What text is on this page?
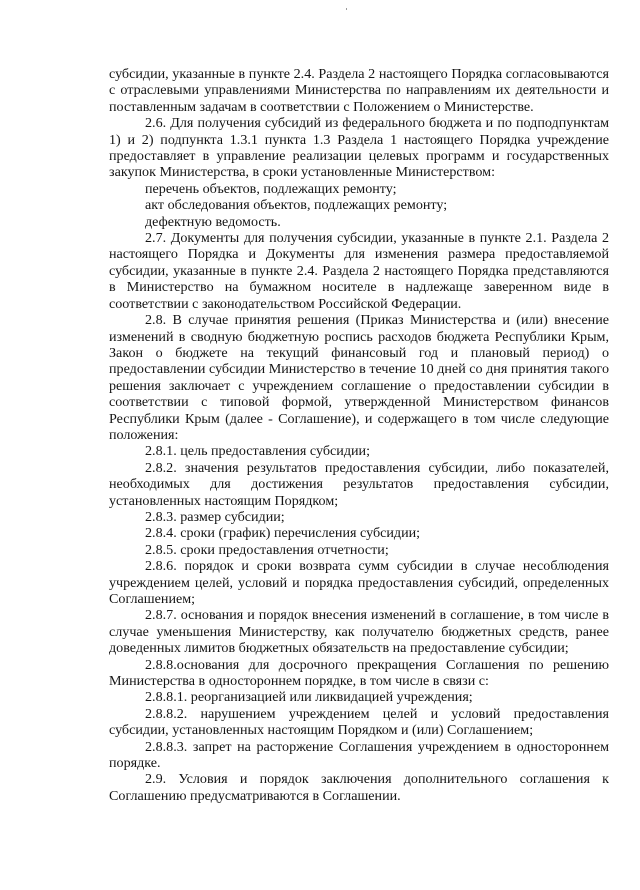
субсидии, указанные в пункте 2.4. Раздела 2 настоящего Порядка согласовываются с отраслевыми управлениями Министерства по направлениям их деятельности и поставленным задачам в соответствии с Положением о Министерстве.

2.6. Для получения субсидий из федерального бюджета и по подподпунктам 1) и 2) подпункта 1.3.1 пункта 1.3 Раздела 1 настоящего Порядка учреждение предоставляет в управление реализации целевых программ и государственных закупок Министерства, в сроки установленные Министерством:

перечень объектов, подлежащих ремонту;

акт обследования объектов, подлежащих ремонту;

дефектную ведомость.

2.7. Документы для получения субсидии, указанные в пункте 2.1. Раздела 2 настоящего Порядка и Документы для изменения размера предоставляемой субсидии, указанные в пункте 2.4. Раздела 2 настоящего Порядка представляются в Министерство на бумажном носителе в надлежаще заверенном виде в соответствии с законодательством Российской Федерации.

2.8. В случае принятия решения (Приказ Министерства и (или) внесение изменений в сводную бюджетную роспись расходов бюджета Республики Крым, Закон о бюджете на текущий финансовый год и плановый период) о предоставлении субсидии Министерство в течение 10 дней со дня принятия такого решения заключает с учреждением соглашение о предоставлении субсидии в соответствии с типовой формой, утвержденной Министерством финансов Республики Крым (далее - Соглашение), и содержащего в том числе следующие положения:

2.8.1. цель предоставления субсидии;

2.8.2. значения результатов предоставления субсидии, либо показателей, необходимых для достижения результатов предоставления субсидии, установленных настоящим Порядком;

2.8.3. размер субсидии;

2.8.4. сроки (график) перечисления субсидии;

2.8.5. сроки предоставления отчетности;

2.8.6. порядок и сроки возврата сумм субсидии в случае несоблюдения учреждением целей, условий и порядка предоставления субсидий, определенных Соглашением;

2.8.7. основания и порядок внесения изменений в соглашение, в том числе в случае уменьшения Министерству, как получателю бюджетных средств, ранее доведенных лимитов бюджетных обязательств на предоставление субсидии;

2.8.8.основания для досрочного прекращения Соглашения по решению Министерства в одностороннем порядке, в том числе в связи с:

2.8.8.1. реорганизацией или ликвидацией учреждения;

2.8.8.2. нарушением учреждением целей и условий предоставления субсидии, установленных настоящим Порядком и (или) Соглашением;

2.8.8.3. запрет на расторжение Соглашения учреждением в одностороннем порядке.

2.9. Условия и порядок заключения дополнительного соглашения к Соглашению предусматриваются в Соглашении.
